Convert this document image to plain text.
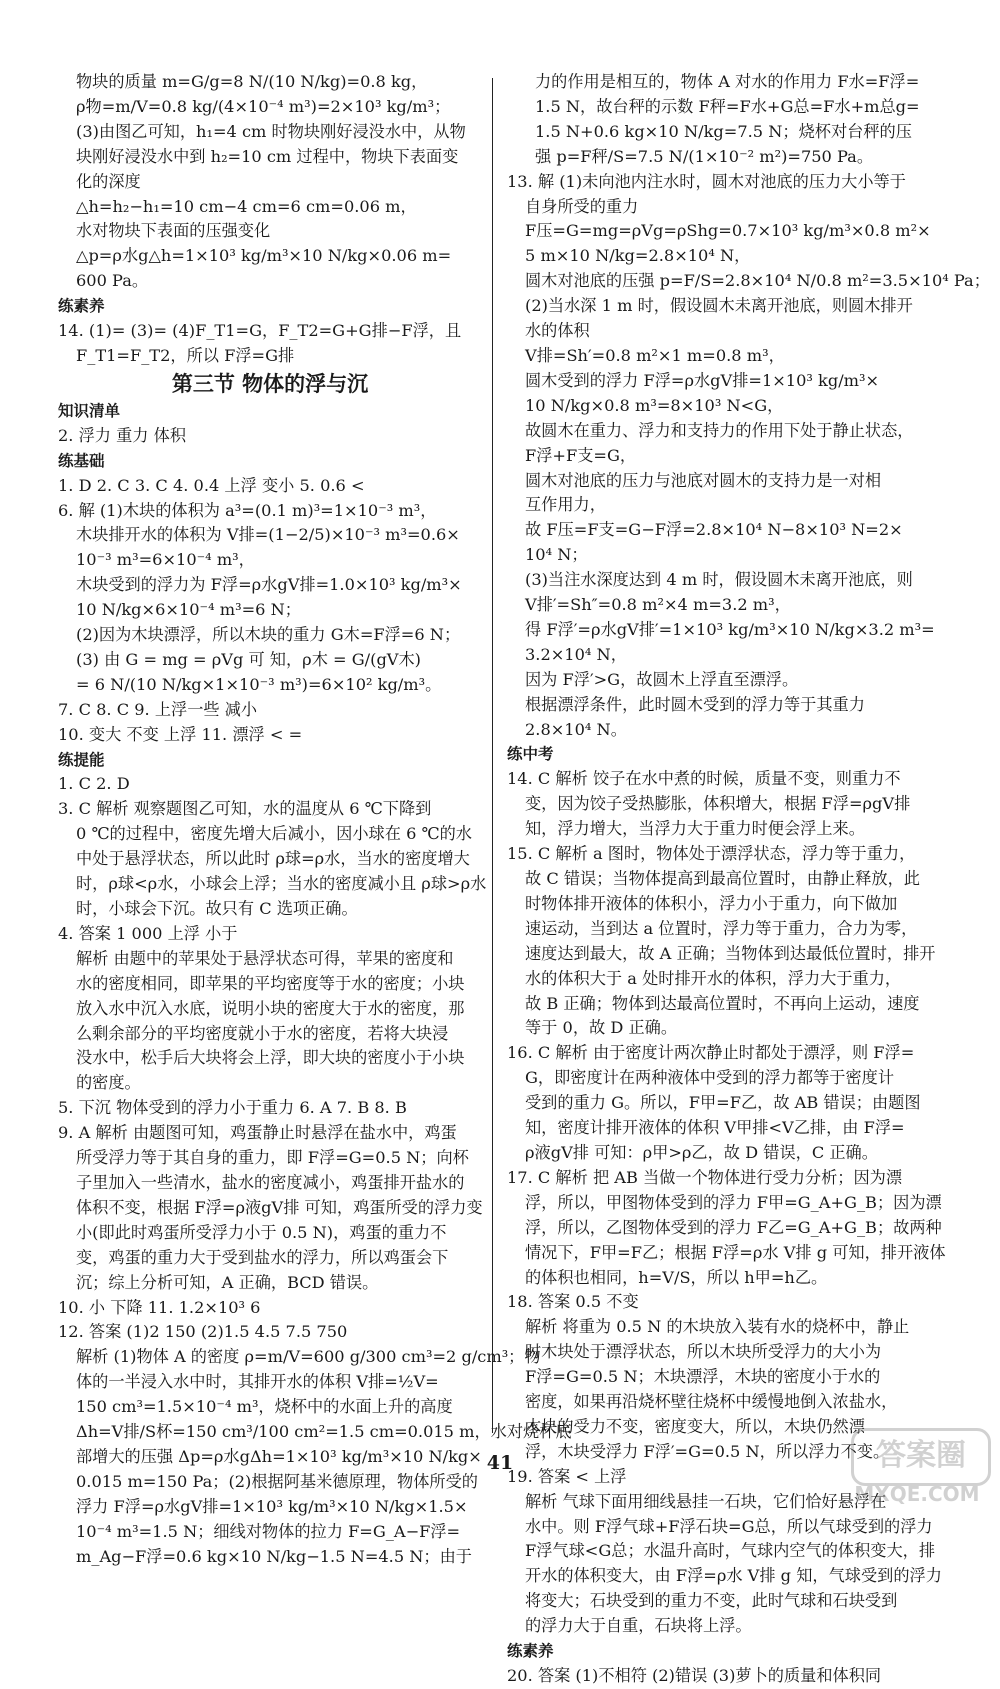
物块的质量 m=G/g=8 N/(10 N/kg)=0.8 kg，
ρ物=m/V=0.8 kg/(4×10⁻⁴ m³)=2×10³ kg/m³；
(3)由图乙可知，h₁=4 cm 时物块刚好浸没水中，从物
块刚好浸没水中到 h₂=10 cm 过程中，物块下表面变
化的深度
△h=h₂−h₁=10 cm−4 cm=6 cm=0.06 m，
水对物块下表面的压强变化
△p=ρ水g△h=1×10³ kg/m³×10 N/kg×0.06 m=
600 Pa。
练素养
14. (1)= (3)= (4)F_T1=G，F_T2=G+G排−F浮，且
F_T1=F_T2，所以 F浮=G排
第三节 物体的浮与沉
知识清单
2. 浮力 重力 体积
练基础
1. D 2. C 3. C 4. 0.4 上浮 变小 5. 0.6 <
6. 解 (1)木块的体积为 a³=(0.1 m)³=1×10⁻³ m³，
木块排开水的体积为 V排=(1−2/5)×10⁻³ m³=0.6×
10⁻³ m³=6×10⁻⁴ m³，
木块受到的浮力为 F浮=ρ水gV排=1.0×10³ kg/m³×
10 N/kg×6×10⁻⁴ m³=6 N；
(2)因为木块漂浮，所以木块的重力 G木=F浮=6 N；
(3) 由 G = mg = ρVg 可 知，ρ木 = G/(gV木)
= 6 N/(10 N/kg×1×10⁻³ m³)=6×10² kg/m³。
7. C 8. C 9. 上浮一些 减小
10. 变大 不变 上浮 11. 漂浮 < =
练提能
1. C 2. D
3. C 解析 观察题图乙可知，水的温度从 6 ℃下降到
0 ℃的过程中，密度先增大后减小，因小球在 6 ℃的水
中处于悬浮状态，所以此时 ρ球=ρ水，当水的密度增大
时，ρ球<ρ水，小球会上浮；当水的密度减小且 ρ球>ρ水
时，小球会下沉。故只有 C 选项正确。
4. 答案 1 000 上浮 小于
解析 由题中的苹果处于悬浮状态可得，苹果的密度和
水的密度相同，即苹果的平均密度等于水的密度；小块
放入水中沉入水底，说明小块的密度大于水的密度，那
么剩余部分的平均密度就小于水的密度，若将大块浸
没水中，松手后大块将会上浮，即大块的密度小于小块
的密度。
5. 下沉 物体受到的浮力小于重力 6. A 7. B 8. B
9. A 解析 由题图可知，鸡蛋静止时悬浮在盐水中，鸡蛋
所受浮力等于其自身的重力，即 F浮=G=0.5 N；向杯
子里加入一些清水，盐水的密度减小，鸡蛋排开盐水的
体积不变，根据 F浮=ρ液gV排 可知，鸡蛋所受的浮力变
小(即此时鸡蛋所受浮力小于 0.5 N)，鸡蛋的重力不
变，鸡蛋的重力大于受到盐水的浮力，所以鸡蛋会下
沉；综上分析可知，A 正确，BCD 错误。
10. 小 下降 11. 1.2×10³ 6
12. 答案 (1)2 150 (2)1.5 4.5 7.5 750
解析 (1)物体 A 的密度 ρ=m/V=600 g/300 cm³=2 g/cm³；物
体的一半浸入水中时，其排开水的体积 V排=½V=
150 cm³=1.5×10⁻⁴ m³，烧杯中的水面上升的高度
Δh=V排/S杯=150 cm³/100 cm²=1.5 cm=0.015 m，水对烧杯底
部增大的压强 Δp=ρ水gΔh=1×10³ kg/m³×10 N/kg×
0.015 m=150 Pa；(2)根据阿基米德原理，物体所受的
浮力 F浮=ρ水gV排=1×10³ kg/m³×10 N/kg×1.5×
10⁻⁴ m³=1.5 N；细线对物体的拉力 F=G_A−F浮=
m_Ag−F浮=0.6 kg×10 N/kg−1.5 N=4.5 N；由于
力的作用是相互的，物体 A 对水的作用力 F水=F浮=
1.5 N，故台秤的示数 F秤=F水+G总=F水+m总g=
1.5 N+0.6 kg×10 N/kg=7.5 N；烧杯对台秤的压
强 p=F秤/S=7.5 N/(1×10⁻² m²)=750 Pa。
13. 解 (1)未向池内注水时，圆木对池底的压力大小等于
自身所受的重力
F压=G=mg=ρVg=ρShg=0.7×10³ kg/m³×0.8 m²×
5 m×10 N/kg=2.8×10⁴ N，
圆木对池底的压强 p=F/S=2.8×10⁴ N/0.8 m²=3.5×10⁴ Pa；
(2)当水深 1 m 时，假设圆木未离开池底，则圆木排开
水的体积
V排=Sh′=0.8 m²×1 m=0.8 m³，
圆木受到的浮力 F浮=ρ水gV排=1×10³ kg/m³×
10 N/kg×0.8 m³=8×10³ N<G，
故圆木在重力、浮力和支持力的作用下处于静止状态，
F浮+F支=G，
圆木对池底的压力与池底对圆木的支持力是一对相
互作用力，
故 F压=F支=G−F浮=2.8×10⁴ N−8×10³ N=2×
10⁴ N；
(3)当注水深度达到 4 m 时，假设圆木未离开池底，则
V排′=Sh″=0.8 m²×4 m=3.2 m³，
得 F浮′=ρ水gV排′=1×10³ kg/m³×10 N/kg×3.2 m³=
3.2×10⁴ N，
因为 F浮′>G，故圆木上浮直至漂浮。
根据漂浮条件，此时圆木受到的浮力等于其重力
2.8×10⁴ N。
练中考
14. C 解析 饺子在水中煮的时候，质量不变，则重力不
变，因为饺子受热膨胀，体积增大，根据 F浮=ρgV排
知，浮力增大，当浮力大于重力时便会浮上来。
15. C 解析 a 图时，物体处于漂浮状态，浮力等于重力，
故 C 错误；当物体提高到最高位置时，由静止释放，此
时物体排开液体的体积小，浮力小于重力，向下做加
速运动，当到达 a 位置时，浮力等于重力，合力为零，
速度达到最大，故 A 正确；当物体到达最低位置时，排开
水的体积大于 a 处时排开水的体积，浮力大于重力，
故 B 正确；物体到达最高位置时，不再向上运动，速度
等于 0，故 D 正确。
16. C 解析 由于密度计两次静止时都处于漂浮，则 F浮=
G，即密度计在两种液体中受到的浮力都等于密度计
受到的重力 G。所以，F甲=F乙，故 AB 错误；由题图
知，密度计排开液体的体积 V甲排<V乙排，由 F浮=
ρ液gV排 可知：ρ甲>ρ乙，故 D 错误，C 正确。
17. C 解析 把 AB 当做一个物体进行受力分析；因为漂
浮，所以，甲图物体受到的浮力 F甲=G_A+G_B；因为漂
浮，所以，乙图物体受到的浮力 F乙=G_A+G_B；故两种
情况下，F甲=F乙；根据 F浮=ρ水 V排 g 可知，排开液体
的体积也相同，h=V/S，所以 h甲=h乙。
18. 答案 0.5 不变
解析 将重为 0.5 N 的木块放入装有水的烧杯中，静止
时木块处于漂浮状态，所以木块所受浮力的大小为
F浮=G=0.5 N；木块漂浮，木块的密度小于水的
密度，如果再沿烧杯壁往烧杯中缓慢地倒入浓盐水，
木块的受力不变，密度变大，所以，木块仍然漂
浮，木块受浮力 F浮′=G=0.5 N，所以浮力不变。
19. 答案 < 上浮
解析 气球下面用细线悬挂一石块，它们恰好悬浮在
水中。则 F浮气球+F浮石块=G总，所以气球受到的浮力
F浮气球<G总；水温升高时，气球内空气的体积变大，排
开水的体积变大，由 F浮=ρ水 V排 g 知，气球受到的浮力
将变大；石块受到的重力不变，此时气球和石块受到
的浮力大于自重，石块将上浮。
练素养
20. 答案 (1)不相符 (2)错误 (3)萝卜的质量和体积同
41	答案圈
MXQE.COM
